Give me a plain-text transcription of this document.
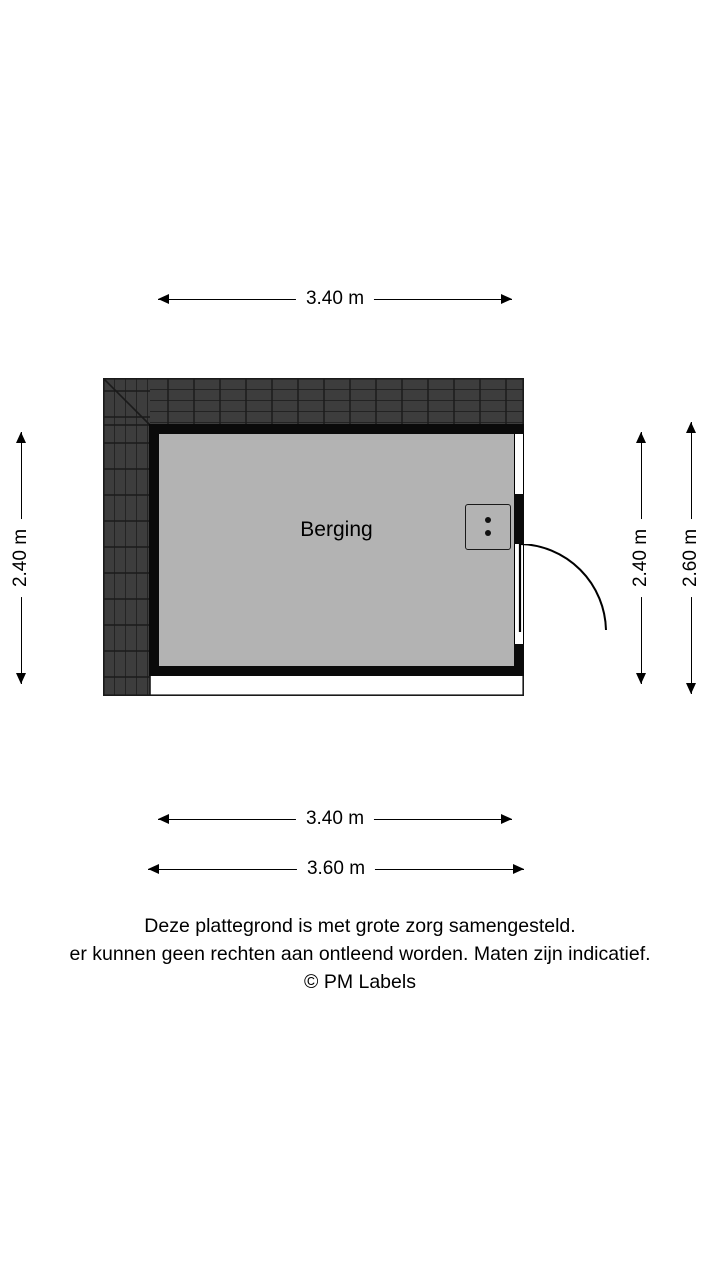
3.40 m
2.40 m	2.40 m 2.60 m
Berging
3.40 m
3.60 m
Deze plattegrond is met grote zorg samengesteld.
er kunnen geen rechten aan ontleend worden. Maten zijn indicatief.
© PM Labels
